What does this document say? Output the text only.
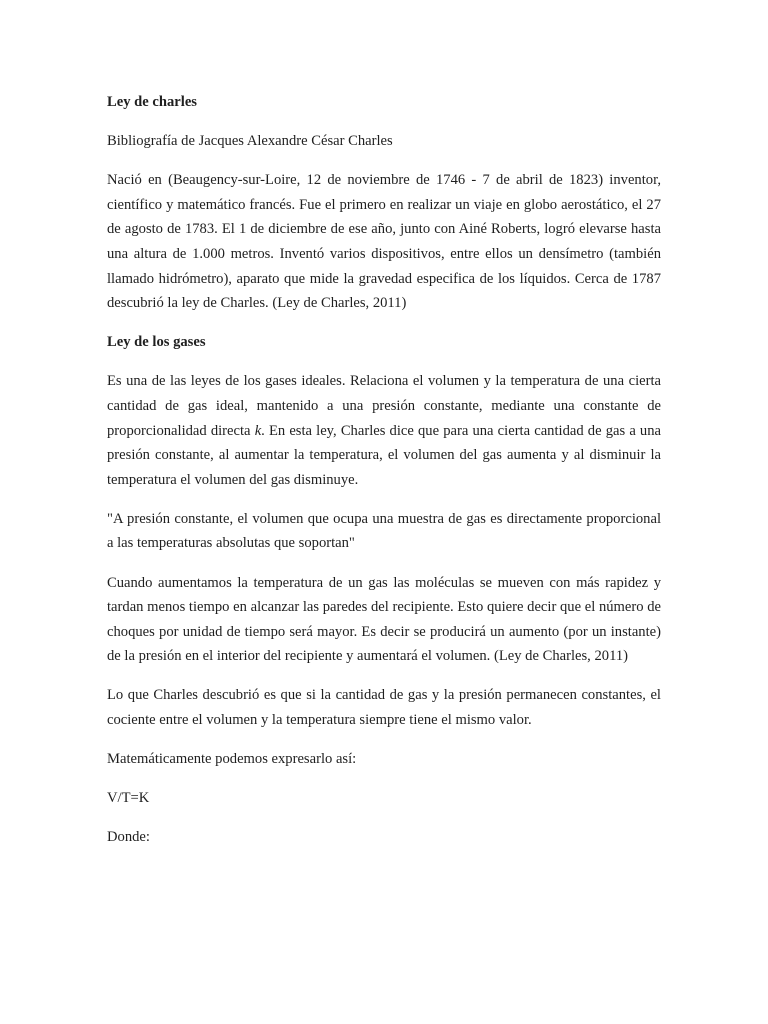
Ley de charles

Bibliografía de Jacques Alexandre César Charles

Nació en (Beaugency-sur-Loire, 12 de noviembre de 1746 - 7 de abril de 1823) inventor, científico y matemático francés. Fue el primero en realizar un viaje en globo aerostático, el 27 de agosto de 1783. El 1 de diciembre de ese año, junto con Ainé Roberts, logró elevarse hasta una altura de 1.000 metros. Inventó varios dispositivos, entre ellos un densímetro (también llamado hidrómetro), aparato que mide la gravedad especifica de los líquidos. Cerca de 1787 descubrió la ley de Charles. (Ley de Charles, 2011)

Ley de los gases

Es una de las leyes de los gases ideales. Relaciona el volumen y la temperatura de una cierta cantidad de gas ideal, mantenido a una presión constante, mediante una constante de proporcionalidad directa k. En esta ley, Charles dice que para una cierta cantidad de gas a una presión constante, al aumentar la temperatura, el volumen del gas aumenta y al disminuir la temperatura el volumen del gas disminuye.

"A presión constante, el volumen que ocupa una muestra de gas es directamente proporcional a las temperaturas absolutas que soportan"

Cuando aumentamos la temperatura de un gas las moléculas se mueven con más rapidez y tardan menos tiempo en alcanzar las paredes del recipiente. Esto quiere decir que el número de choques por unidad de tiempo será mayor. Es decir se producirá un aumento (por un instante) de la presión en el interior del recipiente y aumentará el volumen. (Ley de Charles, 2011)

Lo que Charles descubrió es que si la cantidad de gas y la presión permanecen constantes, el cociente entre el volumen y la temperatura siempre tiene el mismo valor.

Matemáticamente podemos expresarlo así:

V/T=K

Donde:
